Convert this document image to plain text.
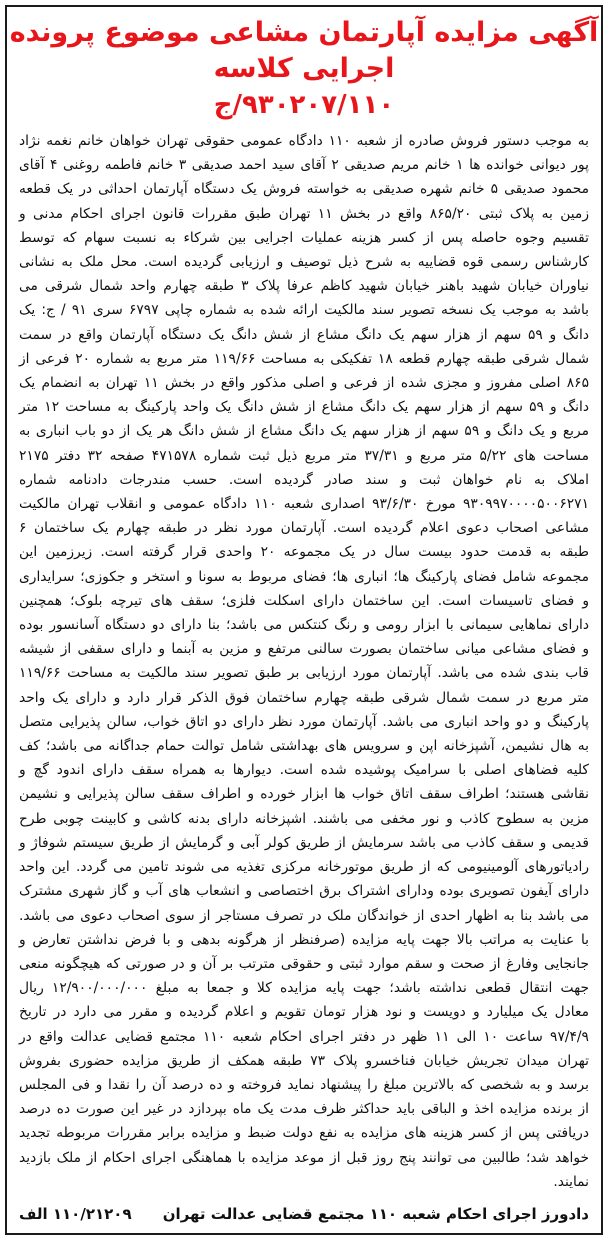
آگهی مزایده آپارتمان مشاعی موضوع پرونده اجرایی کلاسه
۹۳۰۲۰۷/۱۱۰/ج
به موجب دستور فروش صادره از شعبه ۱۱۰ دادگاه عمومی حقوقی تهران خواهان خانم نغمه نژاد پور دیوانی خوانده ها ۱ خانم مریم صدیقی ۲ آقای سید احمد صدیقی ۳ خانم فاطمه روغنی ۴ آقای محمود صدیقی ۵ خانم شهره صدیقی به خواسته فروش یک دستگاه آپارتمان احداثی در یک قطعه زمین به پلاک ثبتی ۸۶۵/۲۰ واقع در بخش ۱۱ تهران طبق مقررات قانون اجرای احکام مدنی و تقسیم وجوه حاصله پس از کسر هزینه عملیات اجرایی بین شرکاء به نسبت سهام که توسط کارشناس رسمی قوه قضاییه به شرح ذیل توصیف و ارزیابی گردیده است. محل ملک به نشانی نیاوران خیابان شهید باهنر خیابان شهید کاظم عرفا پلاک ۳ طبقه چهارم واحد شمال شرقی می باشد به موجب یک نسخه تصویر سند مالکیت ارائه شده به شماره چاپی ۶۷۹۷ سری ۹۱ / ج: یک دانگ و ۵۹ سهم از هزار سهم یک دانگ مشاع از شش دانگ یک دستگاه آپارتمان واقع در سمت شمال شرقی طبقه چهارم قطعه ۱۸ تفکیکی به مساحت ۱۱۹/۶۶ متر مربع به شماره ۲۰ فرعی از ۸۶۵ اصلی مفروز و مجزی شده از فرعی و اصلی مذکور واقع در بخش ۱۱ تهران به انضمام یک دانگ و ۵۹ سهم از هزار سهم یک دانگ مشاع از شش دانگ یک واحد پارکینگ به مساحت ۱۲ متر مربع و یک دانگ و ۵۹ سهم از هزار سهم یک دانگ مشاع از شش دانگ هر یک از دو باب انباری به مساحت های ۵/۲۲ متر مربع و ۳۷/۳۱ متر مربع ذیل ثبت شماره ۴۷۱۵۷۸ صفحه ۳۲ دفتر ۲۱۷۵ املاک به نام خواهان ثبت و سند صادر گردیده است. حسب مندرجات دادنامه شماره ۹۳۰۹۹۷۰۰۰۰۵۰۰۶۲۷۱ مورخ ۹۳/۶/۳۰ اصداری شعبه ۱۱۰ دادگاه عمومی و انقلاب تهران مالکیت مشاعی اصحاب دعوی اعلام گردیده است. آپارتمان مورد نظر در طبقه چهارم یک ساختمان ۶ طبقه به قدمت حدود بیست سال در یک مجموعه ۲۰ واحدی قرار گرفته است. زیرزمین این مجموعه شامل فضای پارکینگ ها؛ انباری ها؛ فضای مربوط به سونا و استخر و جکوزی؛ سرایداری و فضای تاسیسات است. این ساختمان دارای اسکلت فلزی؛ سقف های تیرچه بلوک؛ همچنین دارای نماهایی سیمانی با ابزار رومی و رنگ کنتکس می باشد؛ بنا دارای دو دستگاه آسانسور بوده و فضای مشاعی میانی ساختمان بصورت سالنی مرتفع و مزین به آبنما و دارای سقفی از شیشه قاب بندی شده می باشد. آپارتمان مورد ارزیابی بر طبق تصویر سند مالکیت به مساحت ۱۱۹/۶۶ متر مربع در سمت شمال شرقی طبقه چهارم ساختمان فوق الذکر قرار دارد و دارای یک واحد پارکینگ و دو واحد انباری می باشد. آپارتمان مورد نظر دارای دو اتاق خواب، سالن پذیرایی متصل به هال نشیمن، آشپزخانه اپن و سرویس های بهداشتی شامل توالت حمام جداگانه می باشد؛ کف کلیه فضاهای اصلی با سرامیک پوشیده شده است. دیوارها به همراه سقف دارای اندود گچ و نقاشی هستند؛ اطراف سقف اتاق خواب ها ابزار خورده و اطراف سقف سالن پذیرایی و نشیمن مزین به سطوح کاذب و نور مخفی می باشند. اشپزخانه دارای بدنه کاشی و کابینت چوبی طرح قدیمی و سقف کاذب می باشد سرمایش از طریق کولر آبی و گرمایش از طریق سیستم شوفاژ و رادیاتورهای آلومینیومی که از طریق موتورخانه مرکزی تغذیه می شوند تامین می گردد. این واحد دارای آیفون تصویری بوده ودارای اشتراک برق اختصاصی و انشعاب های آب و گاز شهری مشترک می باشد بنا به اظهار احدی از خواندگان ملک در تصرف مستاجر از سوی اصحاب دعوی می باشد. با عنایت به مراتب بالا جهت پایه مزایده (صرفنظر از هرگونه بدهی و با فرض نداشتن تعارض و جانجایی وفارغ از صحت و سقم موارد ثبتی و حقوقی مترتب بر آن و در صورتی که هیچگونه منعی جهت انتقال قطعی نداشته باشد؛ جهت پایه مزایده کلا و جمعا به مبلغ ۱۲/۹۰۰/۰۰۰/۰۰۰ ریال معادل یک میلیارد و دویست و نود هزار تومان تقویم و اعلام گردیده و مقرر می دارد در تاریخ ۹۷/۴/۹ ساعت ۱۰ الی ۱۱ ظهر در دفتر اجرای احکام شعبه ۱۱۰ مجتمع قضایی عدالت واقع در تهران میدان تجریش خیابان فناخسرو پلاک ۷۳ طبقه همکف از طریق مزایده حضوری بفروش برسد و به شخصی که بالاترین مبلغ را پیشنهاد نماید فروخته و ده درصد آن را نقدا و فی المجلس از برنده مزایده اخذ و الباقی باید حداکثر ظرف مدت یک ماه بپردازد در غیر این صورت ده درصد دریافتی پس از کسر هزینه های مزایده به نفع دولت ضبط و مزایده برابر مقررات مربوطه تجدید خواهد شد؛ طالبین می توانند پنج روز قبل از موعد مزایده با هماهنگی اجرای احکام از ملک بازدید نمایند.
دادورز اجرای احکام شعبه ۱۱۰ مجتمع قضایی عدالت تهران
۱۱۰/۲۱۲۰۹ الف
